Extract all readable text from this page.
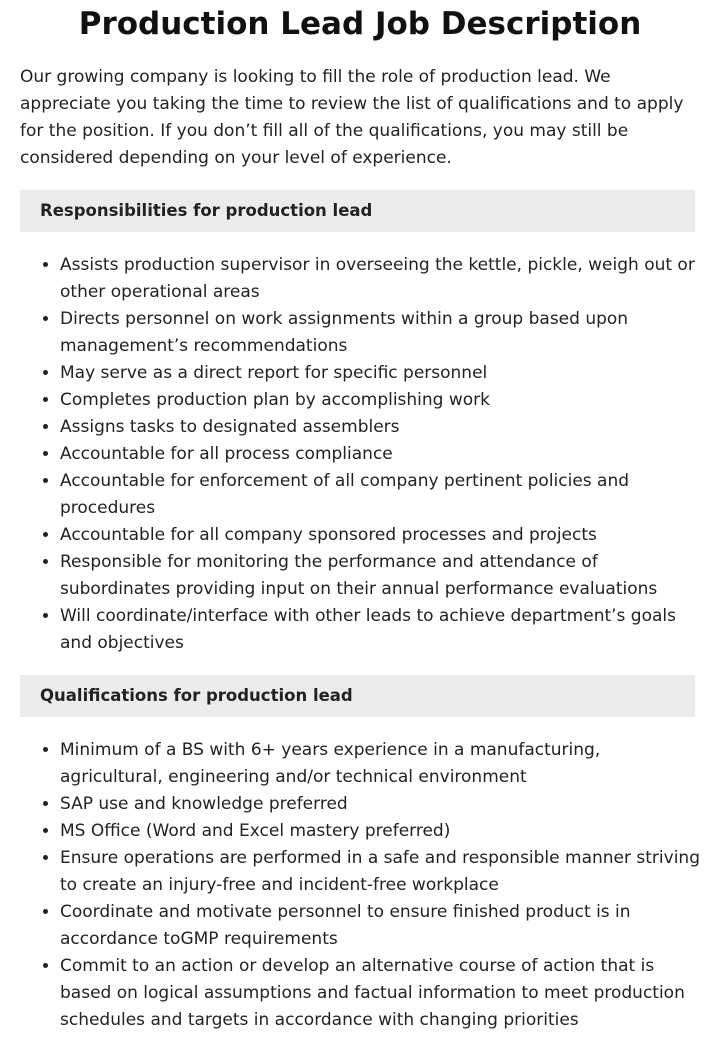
Production Lead Job Description

Our growing company is looking to fill the role of production lead. We appreciate you taking the time to review the list of qualifications and to apply for the position. If you don’t fill all of the qualifications, you may still be considered depending on your level of experience.

Responsibilities for production lead
• Assists production supervisor in overseeing the kettle, pickle, weigh out or other operational areas
• Directs personnel on work assignments within a group based upon management’s recommendations
• May serve as a direct report for specific personnel
• Completes production plan by accomplishing work
• Assigns tasks to designated assemblers
• Accountable for all process compliance
• Accountable for enforcement of all company pertinent policies and procedures
• Accountable for all company sponsored processes and projects
• Responsible for monitoring the performance and attendance of subordinates providing input on their annual performance evaluations
• Will coordinate/interface with other leads to achieve department’s goals and objectives
Qualifications for production lead
• Minimum of a BS with 6+ years experience in a manufacturing, agricultural, engineering and/or technical environment
• SAP use and knowledge preferred
• MS Office (Word and Excel mastery preferred)
• Ensure operations are performed in a safe and responsible manner striving to create an injury-free and incident-free workplace
• Coordinate and motivate personnel to ensure finished product is in accordance toGMP requirements
• Commit to an action or develop an alternative course of action that is based on logical assumptions and factual information to meet production schedules and targets in accordance with changing priorities
